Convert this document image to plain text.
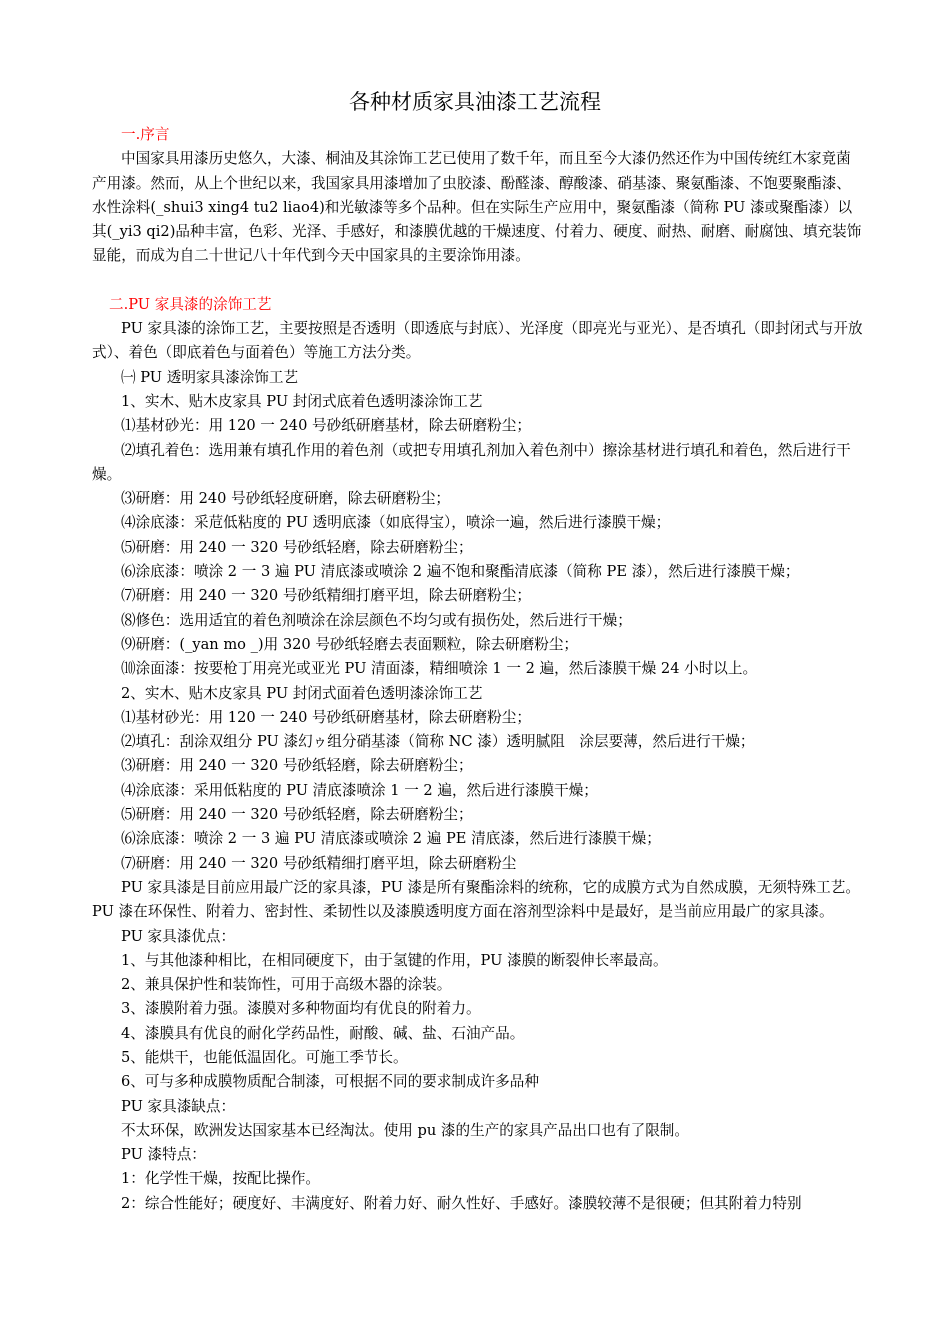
各种材质家具油漆工艺流程

一.序言

中国家具用漆历史悠久，大漆、桐油及其涂饰工艺已使用了数千年，而且至今大漆仍然还作为中国传统红木家竟菌产用漆。然而，从上个世纪以来，我国家具用漆增加了虫胶漆、酚醛漆、醇酸漆、硝基漆、聚氨酯漆、不饱要聚酯漆、水性涂料(_shui3 xing4 tu2 liao4)和光敏漆等多个品种。但在实际生产应用中，聚氨酯漆（简称 PU 漆或聚酯漆）以其(_yi3 qi2)品种丰富，色彩、光泽、手感好，和漆膜优越的干燥速度、付着力、硬度、耐热、耐磨、耐腐蚀、填充装饰显能，而成为自二十世记八十年代到今天中国家具的主要涂饰用漆。

二.PU 家具漆的涂饰工艺

PU 家具漆的涂饰工艺，主要按照是否透明（即透底与封底）、光泽度（即亮光与亚光）、是否填孔（即封闭式与开放式）、着色（即底着色与面着色）等施工方法分类。

㈠ PU 透明家具漆涂饰工艺

1、实木、贴木皮家具 PU 封闭式底着色透明漆涂饰工艺

⑴基材砂光：用 120 一 240 号砂纸研磨基材，除去研磨粉尘；

⑵填孔着色：选用兼有填孔作用的着色剂（或把专用填孔剂加入着色剂中）擦涂基材进行填孔和着色，然后进行干燥。

⑶研磨：用 240 号砂纸轻度研磨，除去研磨粉尘；

⑷涂底漆：采苊低粘度的 PU 透明底漆（如底得宝），喷涂一遍，然后进行漆膜干燥；

⑸研磨：用 240 一 320 号砂纸轻磨，除去研磨粉尘；

⑹涂底漆：喷涂 2 一 3 遍 PU 清底漆或喷涂 2 遍不饱和聚酯清底漆（简称 PE 漆），然后进行漆膜干燥；

⑺研磨：用 240 一 320 号砂纸精细打磨平坦，除去研磨粉尘；

⑻修色：选用适宜的着色剂喷涂在涂层颜色不均匀或有损伤处，然后进行干燥；

⑼研磨：(_yan mo _)用 320 号砂纸轻磨去表面颗粒，除去研磨粉尘；

⑽涂面漆：按要枪丁用亮光或亚光 PU 清面漆，精细喷涂 1 一 2 遍，然后漆膜干燥 24 小时以上。

2、实木、贴木皮家具 PU 封闭式面着色透明漆涂饰工艺

⑴基材砂光：用 120 一 240 号砂纸研磨基材，除去研磨粉尘；

⑵填孔：刮涂双组分 PU 漆幻ゥ组分硝基漆（简称 NC 漆）透明腻阻　涂层要薄，然后进行干燥；

⑶研磨：用 240 一 320 号砂纸轻磨，除去研磨粉尘；

⑷涂底漆：采用低粘度的 PU 清底漆喷涂 1 一 2 遍，然后进行漆膜干燥；

⑸研磨：用 240 一 320 号砂纸轻磨，除去研磨粉尘；

⑹涂底漆：喷涂 2 一 3 遍 PU 清底漆或喷涂 2 遍 PE 清底漆，然后进行漆膜干燥；

⑺研磨：用 240 一 320 号砂纸精细打磨平坦，除去研磨粉尘

PU 家具漆是目前应用最广泛的家具漆，PU 漆是所有聚酯涂料的统称，它的成膜方式为自然成膜，无须特殊工艺。PU 漆在环保性、附着力、密封性、柔韧性以及漆膜透明度方面在溶剂型涂料中是最好，是当前应用最广的家具漆。

PU 家具漆优点：

1、与其他漆种相比，在相同硬度下，由于氢键的作用，PU 漆膜的断裂伸长率最高。

2、兼具保护性和装饰性，可用于高级木器的涂装。

3、漆膜附着力强。漆膜对多种物面均有优良的附着力。

4、漆膜具有优良的耐化学药品性，耐酸、碱、盐、石油产品。

5、能烘干，也能低温固化。可施工季节长。

6、可与多种成膜物质配合制漆，可根据不同的要求制成许多品种

PU 家具漆缺点：

不太环保，欧洲发达国家基本已经淘汰。使用 pu 漆的生产的家具产品出口也有了限制。

PU 漆特点：

1：化学性干燥，按配比操作。

2：综合性能好；硬度好、丰满度好、附着力好、耐久性好、手感好。漆膜较薄不是很硬；但其附着力特别
